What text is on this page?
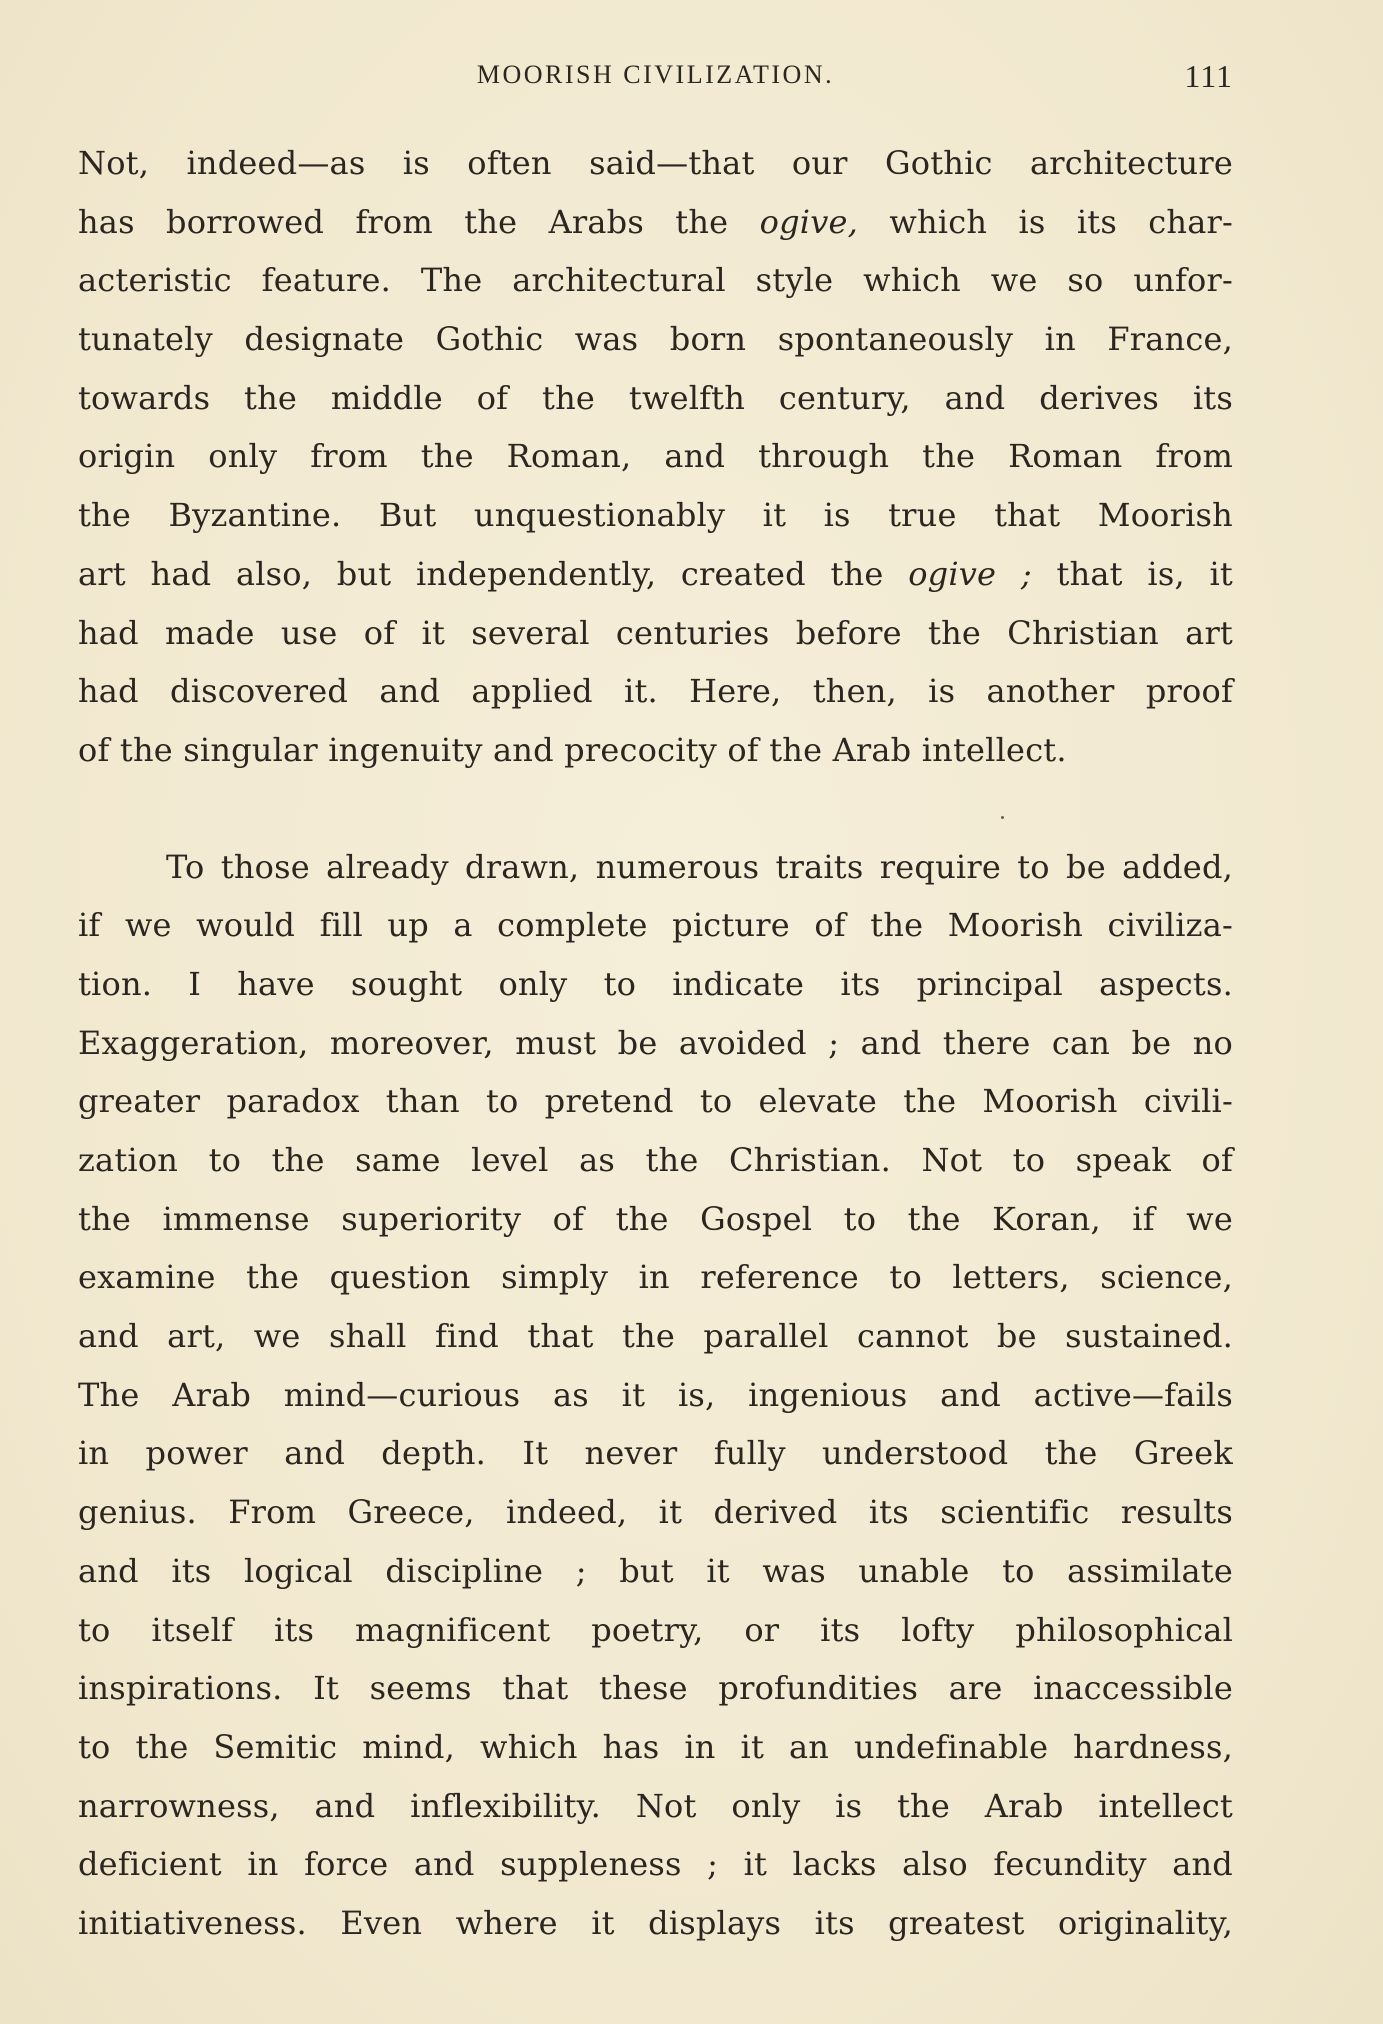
MOORISH CIVILIZATION.	111
Not, indeed—as is often said—that our Gothic architecture
has borrowed from the Arabs the ogive, which is its char-
acteristic feature. The architectural style which we so unfor-
tunately designate Gothic was born spontaneously in France,
towards the middle of the twelfth century, and derives its
origin only from the Roman, and through the Roman from
the Byzantine. But unquestionably it is true that Moorish
art had also, but independently, created the ogive ; that is, it
had made use of it several centuries before the Christian art
had discovered and applied it. Here, then, is another proof
of the singular ingenuity and precocity of the Arab intellect.
To those already drawn, numerous traits require to be added,
if we would fill up a complete picture of the Moorish civiliza-
tion. I have sought only to indicate its principal aspects.
Exaggeration, moreover, must be avoided ; and there can be no
greater paradox than to pretend to elevate the Moorish civili-
zation to the same level as the Christian. Not to speak of
the immense superiority of the Gospel to the Koran, if we
examine the question simply in reference to letters, science,
and art, we shall find that the parallel cannot be sustained.
The Arab mind—curious as it is, ingenious and active—fails
in power and depth. It never fully understood the Greek
genius. From Greece, indeed, it derived its scientific results
and its logical discipline ; but it was unable to assimilate
to itself its magnificent poetry, or its lofty philosophical
inspirations. It seems that these profundities are inaccessible
to the Semitic mind, which has in it an undefinable hardness,
narrowness, and inflexibility. Not only is the Arab intellect
deficient in force and suppleness ; it lacks also fecundity and
initiativeness. Even where it displays its greatest originality,
